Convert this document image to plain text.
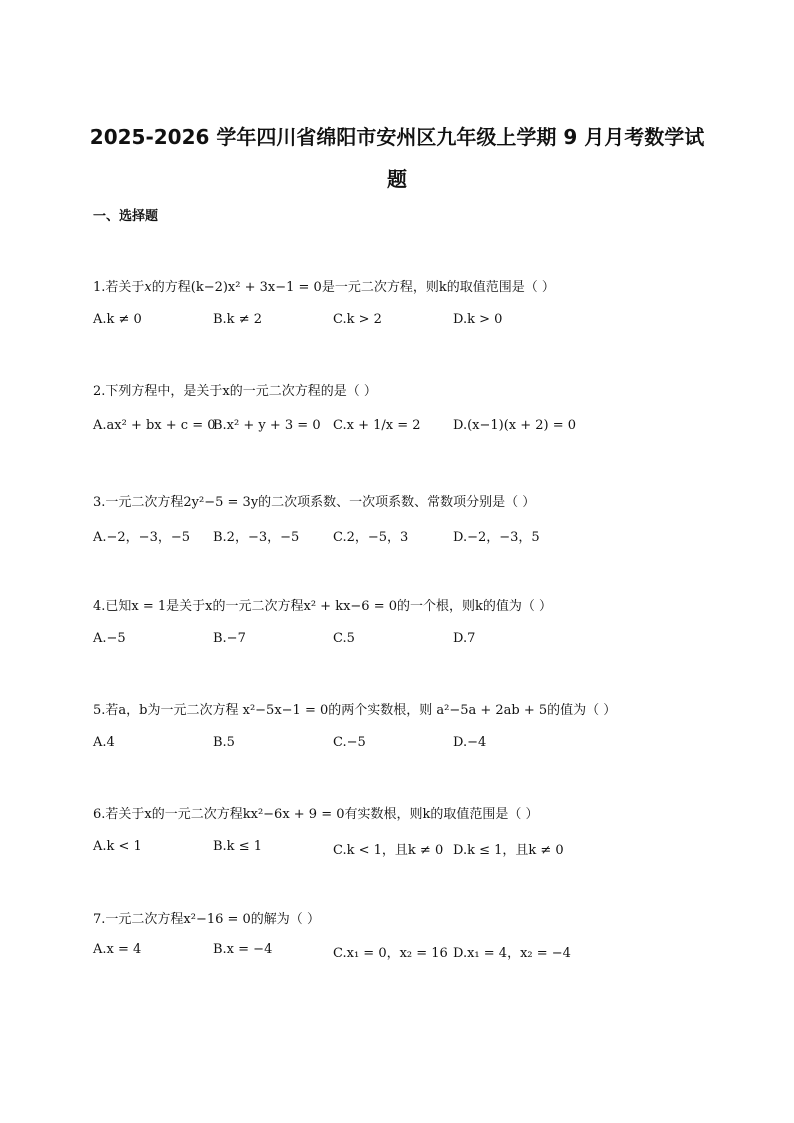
2025-2026 学年四川省绵阳市安州区九年级上学期 9 月月考数学试
题
一、选择题
1.若关于x的方程(k−2)x² + 3x−1 = 0是一元二次方程，则k的取值范围是（ ）
A.k ≠ 0	B.k ≠ 2	C.k > 2	D.k > 0
2.下列方程中，是关于x的一元二次方程的是（ ）
A.ax² + bx + c = 0
B.x² + y + 3 = 0 C.x + 1/x = 2 D.(x−1)(x + 2) = 0
3.一元二次方程2y²−5 = 3y的二次项系数、一次项系数、常数项分别是（ ）
A.−2，−3，−5 B.2，−3，−5	C.2，−5，3	D.−2，−3，5
4.已知x = 1是关于x的一元二次方程x² + kx−6 = 0的一个根，则k的值为（ ）
A.−5	B.−7	C.5	D.7
5.若a，b为一元二次方程 x²−5x−1 = 0的两个实数根，则 a²−5a + 2ab + 5的值为（ ）
A.4	B.5	C.−5	D.−4
6.若关于x的一元二次方程kx²−6x + 9 = 0有实数根，则k的取值范围是（ ）
A.k < 1	B.k ≤ 1	C.k < 1，且k ≠ 0 D.k ≤ 1，且k ≠ 0
7.一元二次方程x²−16 = 0的解为（ ）
A.x = 4	B.x = −4	C.x₁ = 0，x₂ = 16 D.x₁ = 4，x₂ = −4
